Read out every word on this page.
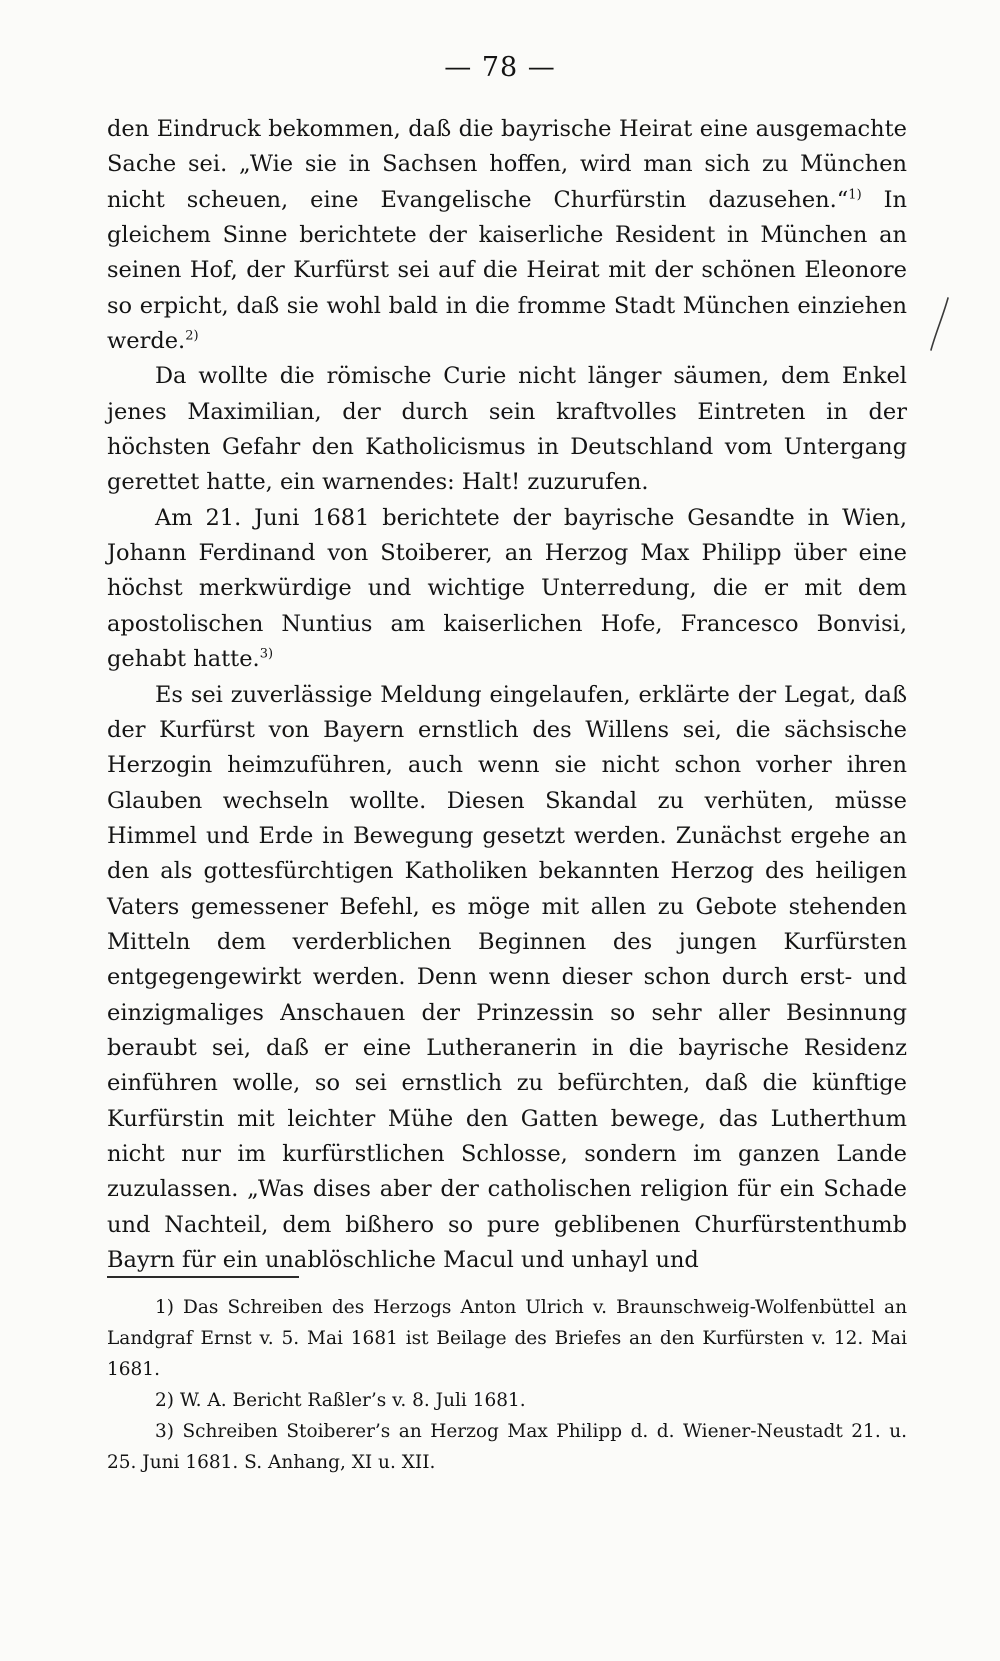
— 78 —

den Eindruck bekommen, daß die bayrische Heirat eine ausgemachte Sache sei. „Wie sie in Sachsen hoffen, wird man sich zu München nicht scheuen, eine Evangelische Churfürstin dazusehen.“$^{1)}$ In gleichem Sinne berichtete der kaiserliche Resident in München an seinen Hof, der Kurfürst sei auf die Heirat mit der schönen Eleonore so erpicht, daß sie wohl bald in die fromme Stadt München einziehen werde.$^{2)}$

Da wollte die römische Curie nicht länger säumen, dem Enkel jenes Maximilian, der durch sein kraftvolles Eintreten in der höchsten Gefahr den Katholicismus in Deutschland vom Untergang gerettet hatte, ein warnendes: Halt! zuzurufen.

Am 21. Juni 1681 berichtete der bayrische Gesandte in Wien, Johann Ferdinand von Stoiberer, an Herzog Max Philipp über eine höchst merkwürdige und wichtige Unterredung, die er mit dem apostolischen Nuntius am kaiserlichen Hofe, Francesco Bonvisi, gehabt hatte.$^{3)}$

Es sei zuverlässige Meldung eingelaufen, erklärte der Legat, daß der Kurfürst von Bayern ernstlich des Willens sei, die sächsische Herzogin heimzuführen, auch wenn sie nicht schon vorher ihren Glauben wechseln wollte. Diesen Skandal zu verhüten, müsse Himmel und Erde in Bewegung gesetzt werden. Zunächst ergehe an den als gottesfürchtigen Katholiken bekannten Herzog des heiligen Vaters gemessener Befehl, es möge mit allen zu Gebote stehenden Mitteln dem verderblichen Beginnen des jungen Kurfürsten entgegengewirkt werden. Denn wenn dieser schon durch erst- und einzigmaliges Anschauen der Prinzessin so sehr aller Besinnung beraubt sei, daß er eine Lutheranerin in die bayrische Residenz einführen wolle, so sei ernstlich zu befürchten, daß die künftige Kurfürstin mit leichter Mühe den Gatten bewege, das Lutherthum nicht nur im kurfürstlichen Schlosse, sondern im ganzen Lande zuzulassen. „Was dises aber der catholischen religion für ein Schade und Nachteil, dem bißhero so pure geblibenen Churfürstenthumb Bayrn für ein unablöschliche Macul und unhayl und

1) Das Schreiben des Herzogs Anton Ulrich v. Braunschweig-Wolfenbüttel an Landgraf Ernst v. 5. Mai 1681 ist Beilage des Briefes an den Kurfürsten v. 12. Mai 1681.

2) W. A. Bericht Raßler’s v. 8. Juli 1681.

3) Schreiben Stoiberer’s an Herzog Max Philipp d. d. Wiener-Neustadt 21. u. 25. Juni 1681. S. Anhang, XI u. XII.
